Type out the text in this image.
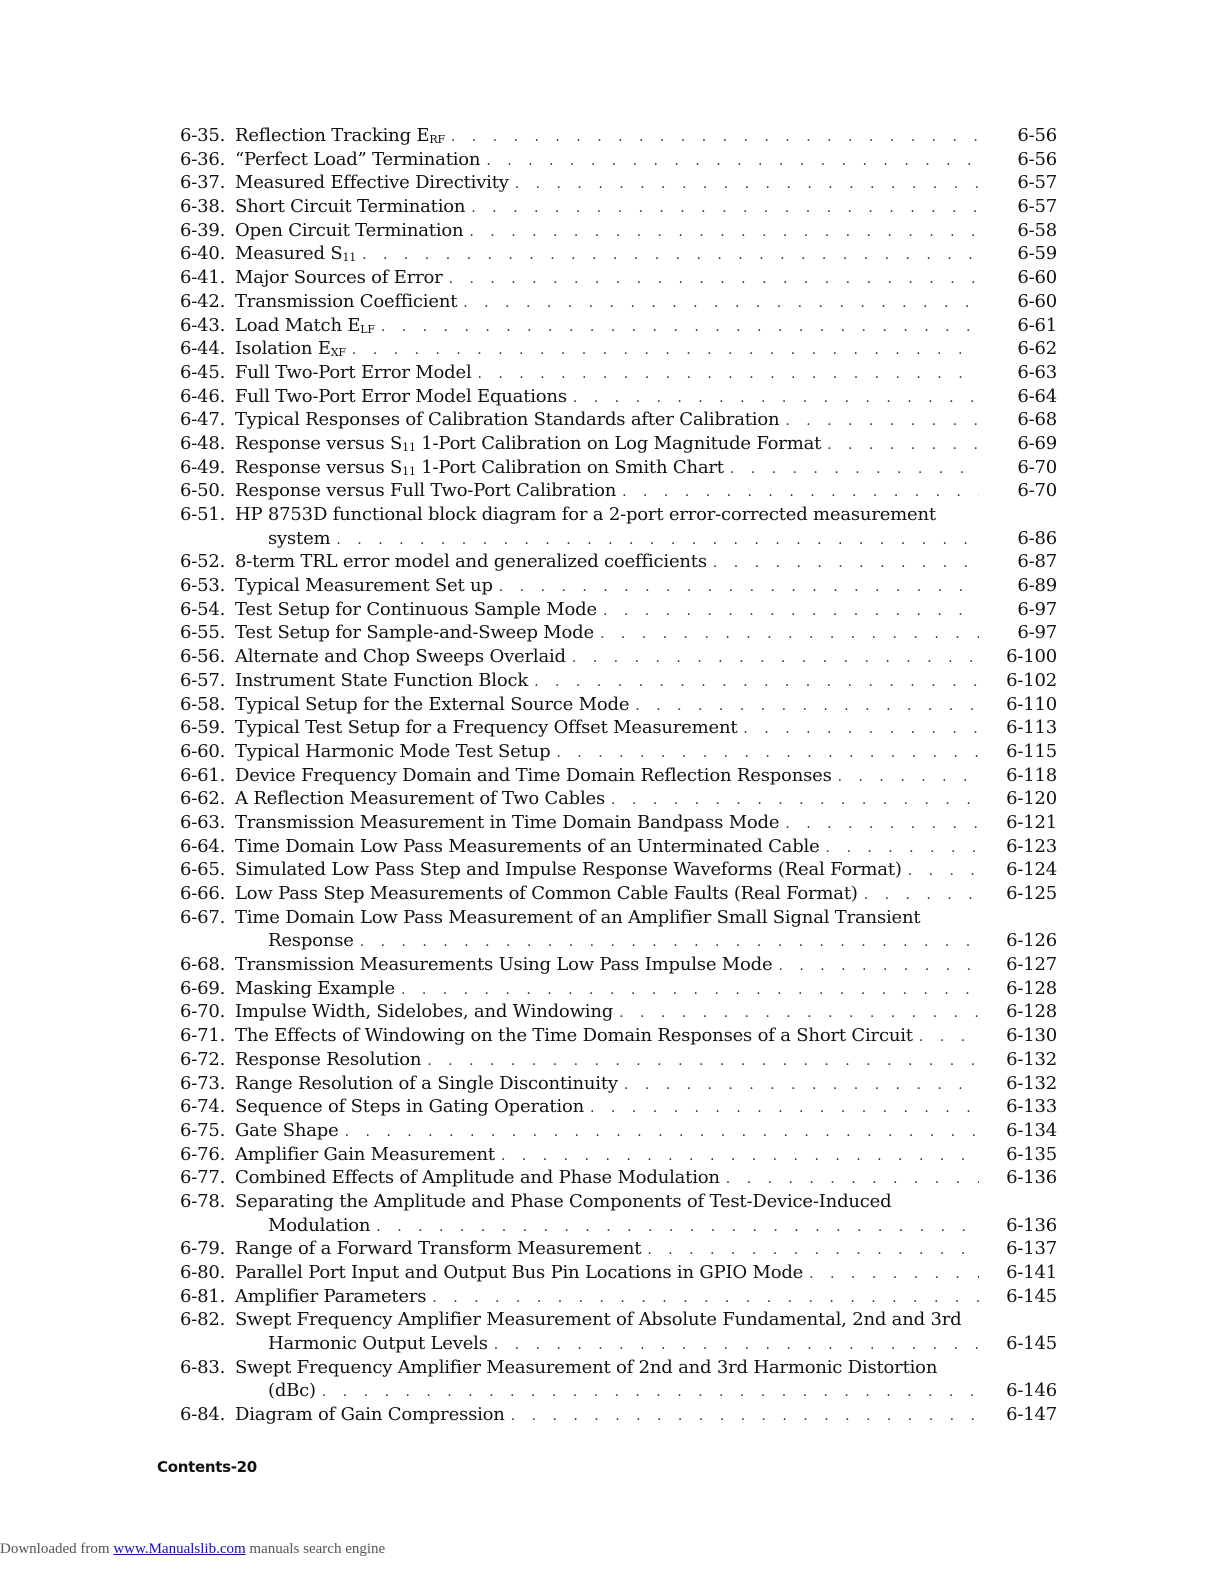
6-35. Reflection Tracking $E_{RF}$ . . .	6-56
6-36. “Perfect Load” Termination . . .	6-56
6-37. Measured Effective Directivity . . .	6-57
6-38. Short Circuit Termination . . .	6-57
6-39. Open Circuit Termination . . .	6-58
6-40. Measured $S_{11}$ . . .	6-59
6-41. Major Sources of Error . . .	6-60
6-42. Transmission Coefficient . . .	6-60
6-43. Load Match $E_{LF}$ . . .	6-61
6-44. Isolation $E_{XF}$ . . .	6-62
6-45. Full Two-Port Error Model . . .	6-63
6-46. Full Two-Port Error Model Equations . . .	6-64
6-47. Typical Responses of Calibration Standards after Calibration . . .	6-68
6-48. Response versus $S_{11}$ 1-Port Calibration on Log Magnitude Format . . .	6-69
6-49. Response versus $S_{11}$ 1-Port Calibration on Smith Chart . . .	6-70
6-50. Response versus Full Two-Port Calibration . . .	6-70
6-51. HP 8753D functional block diagram for a 2-port error-corrected measurement
system . . .	6-86
6-52. 8-term TRL error model and generalized coefficients . . .	6-87
6-53. Typical Measurement Set up . . .	6-89
6-54. Test Setup for Continuous Sample Mode . . .	6-97
6-55. Test Setup for Sample-and-Sweep Mode . . .	6-97
6-56. Alternate and Chop Sweeps Overlaid . . .	6-100
6-57. Instrument State Function Block . . .	6-102
6-58. Typical Setup for the External Source Mode . . .	6-110
6-59. Typical Test Setup for a Frequency Offset Measurement . . .	6-113
6-60. Typical Harmonic Mode Test Setup . . .	6-115
6-61. Device Frequency Domain and Time Domain Reflection Responses . . .	6-118
6-62. A Reflection Measurement of Two Cables . . .	6-120
6-63. Transmission Measurement in Time Domain Bandpass Mode . . .	6-121
6-64. Time Domain Low Pass Measurements of an Unterminated Cable . . .	6-123
6-65. Simulated Low Pass Step and Impulse Response Waveforms (Real Format) . . .	6-124
6-66. Low Pass Step Measurements of Common Cable Faults (Real Format) . . .	6-125
6-67. Time Domain Low Pass Measurement of an Amplifier Small Signal Transient
Response . . .	6-126
6-68. Transmission Measurements Using Low Pass Impulse Mode . . .	6-127
6-69. Masking Example . . .	6-128
6-70. Impulse Width, Sidelobes, and Windowing . . .	6-128
6-71. The Effects of Windowing on the Time Domain Responses of a Short Circuit . . .	6-130
6-72. Response Resolution . . .	6-132
6-73. Range Resolution of a Single Discontinuity . . .	6-132
6-74. Sequence of Steps in Gating Operation . . .	6-133
6-75. Gate Shape . . .	6-134
6-76. Amplifier Gain Measurement . . .	6-135
6-77. Combined Effects of Amplitude and Phase Modulation . . .	6-136
6-78. Separating the Amplitude and Phase Components of Test-Device-Induced
Modulation . . .	6-136
6-79. Range of a Forward Transform Measurement . . .	6-137
6-80. Parallel Port Input and Output Bus Pin Locations in GPIO Mode . . .	6-141
6-81. Amplifier Parameters . . .	6-145
6-82. Swept Frequency Amplifier Measurement of Absolute Fundamental, 2nd and 3rd
Harmonic Output Levels . . .	6-145
6-83. Swept Frequency Amplifier Measurement of 2nd and 3rd Harmonic Distortion
(dBc) . . .	6-146
6-84. Diagram of Gain Compression . . .	6-147
Contents-20
Downloaded from www.Manualslib.com manuals search engine
